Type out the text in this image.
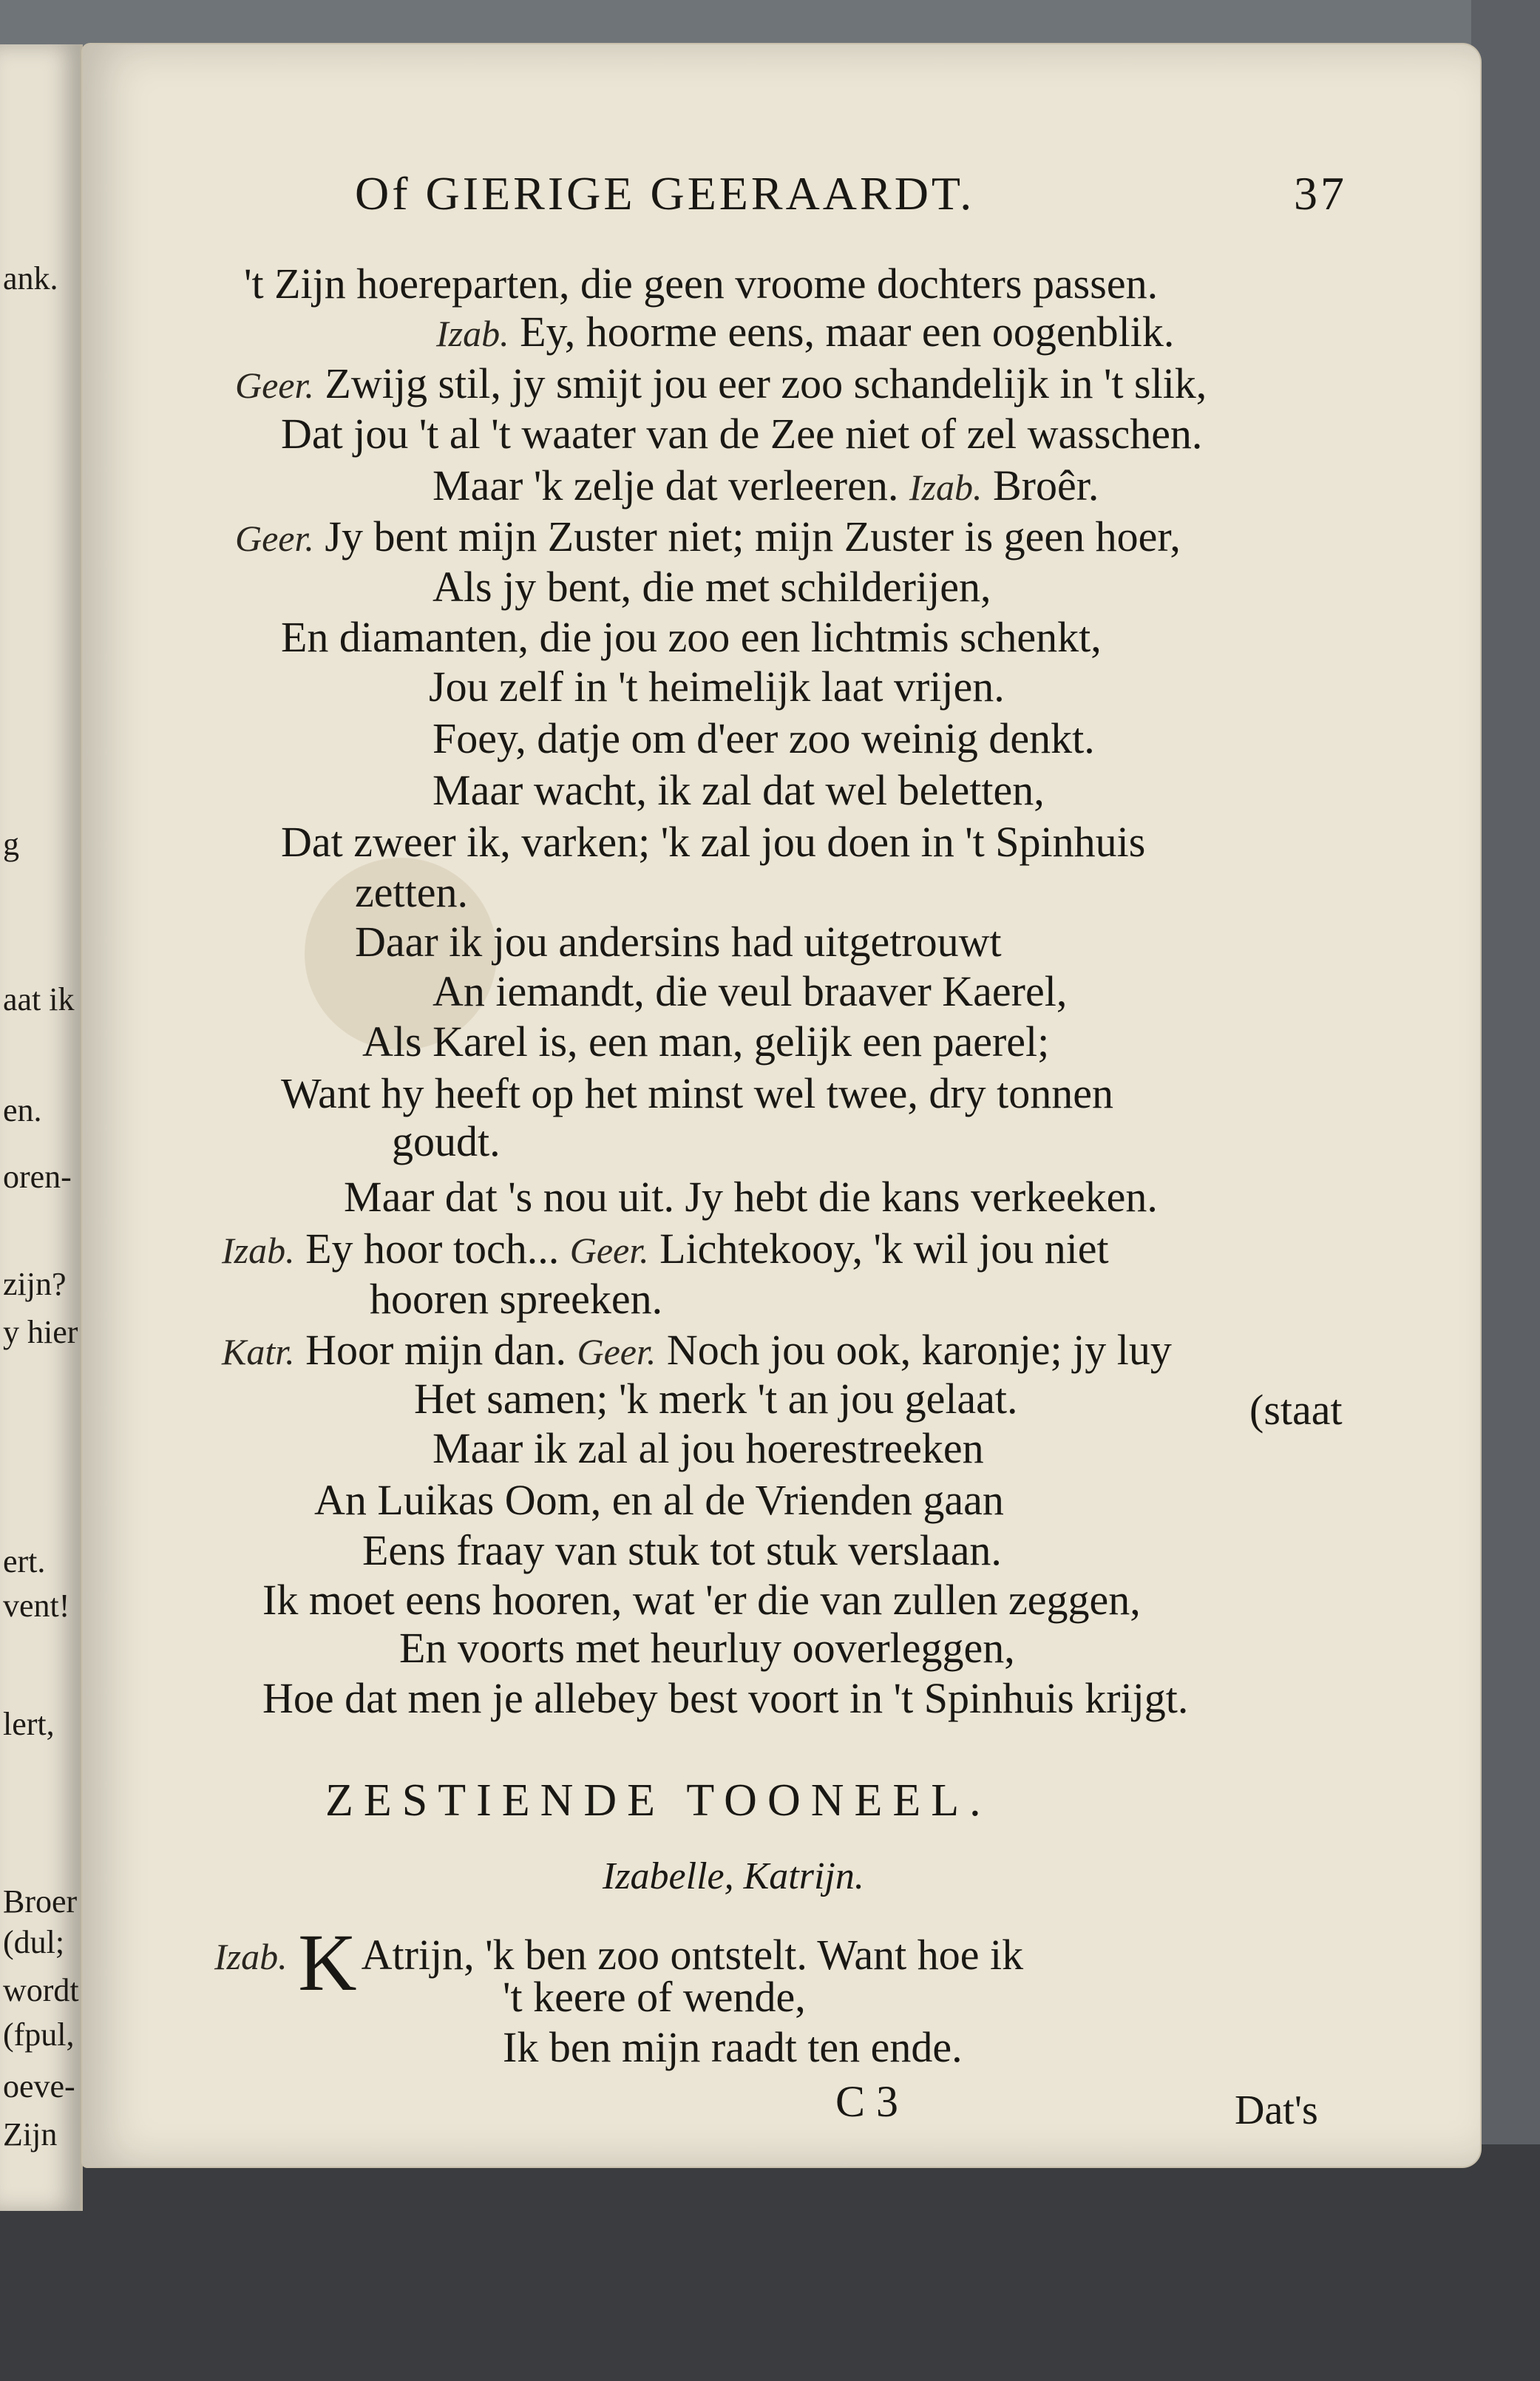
ank.
g
aat ik
en.
oren-
zijn?
y hier
ert.
vent!
lert,
Broer
(dul;
wordt
(fpul,
oeve-
Zijn
Of GIERIGE GEERAARDT.	37
't Zijn hoereparten, die geen vroome dochters passen.
Izab. Ey, hoorme eens, maar een oogenblik.
Geer. Zwijg stil, jy smijt jou eer zoo schandelijk in 't slik,
Dat jou 't al 't waater van de Zee niet of zel wasschen.
Maar 'k zelje dat verleeren. Izab. Broêr.
Geer. Jy bent mijn Zuster niet; mijn Zuster is geen hoer,
Als jy bent, die met schilderijen,
En diamanten, die jou zoo een lichtmis schenkt,
Jou zelf in 't heimelijk laat vrijen.
Foey, datje om d'eer zoo weinig denkt.
Maar wacht, ik zal dat wel beletten,
Dat zweer ik, varken; 'k zal jou doen in 't Spinhuis
zetten.
Daar ik jou andersins had uitgetrouwt
An iemandt, die veul braaver Kaerel,
Als Karel is, een man, gelijk een paerel;
Want hy heeft op het minst wel twee, dry tonnen
goudt.
Maar dat 's nou uit. Jy hebt die kans verkeeken.
Izab. Ey hoor toch... Geer. Lichtekooy, 'k wil jou niet
hooren spreeken.
Katr. Hoor mijn dan. Geer. Noch jou ook, karonje; jy luy
Het samen; 'k merk 't an jou gelaat.	(staat
Maar ik zal al jou hoerestreeken
An Luikas Oom, en al de Vrienden gaan
Eens fraay van stuk tot stuk verslaan.
Ik moet eens hooren, wat 'er die van zullen zeggen,
En voorts met heurluy ooverleggen,
Hoe dat men je allebey best voort in 't Spinhuis krijgt.
ZESTIENDE TOONEEL.
Izabelle, Katrijn.
Izab. K Atrijn, 'k ben zoo ontstelt. Want hoe ik
't keere of wende,
Ik ben mijn raadt ten ende.
C 3	Dat's
